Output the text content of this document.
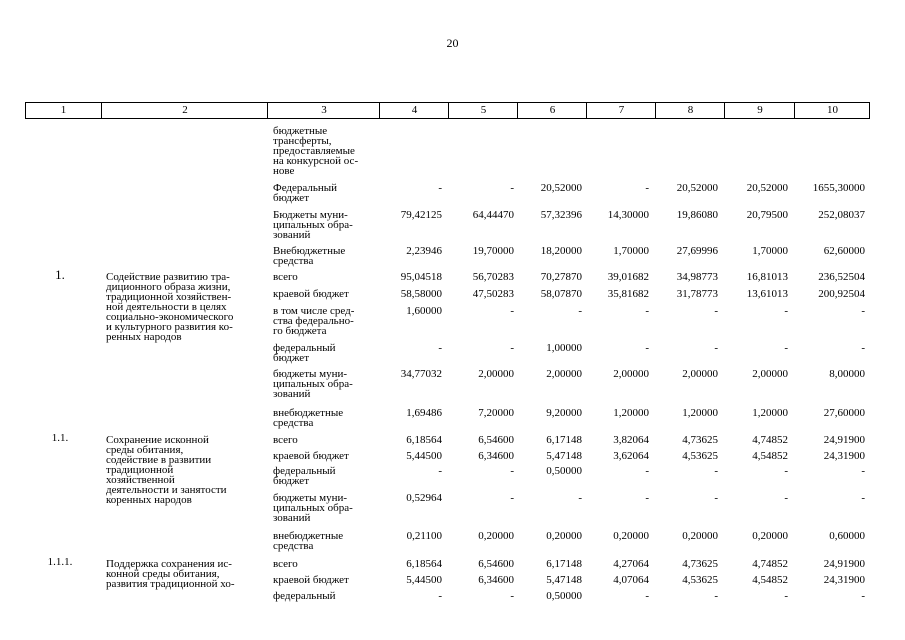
20
1	2	3	4	5	6	7	8	9	10
бюджетные
трансферты,
предоставляемые
на конкурсной ос-
нове
Федеральный
бюджет
-	-	20,52000	-	20,52000	20,52000	1655,30000
Бюджеты муни-
ципальных обра-
зований
79,42125	64,44470	57,32396	14,30000	19,86080	20,79500	252,08037
Внебюджетные
средства
2,23946	19,70000	18,20000	1,70000	27,69996	1,70000	62,60000
1.	Содействие развитию тра-
диционного образа жизни,
традиционной хозяйствен-
ной деятельности в целях
социально-экономического
и культурного развития ко-
ренных народов
всего	95,04518	56,70283	70,27870	39,01682	34,98773	16,81013	236,52504
краевой бюджет	58,58000	47,50283	58,07870	35,81682	31,78773	13,61013	200,92504
в том числе сред-
ства федерально-
го бюджета
1,60000	-	-	-	-	-	-
федеральный
бюджет
-	-	1,00000	-	-	-	-
бюджеты муни-
ципальных обра-
зований
34,77032	2,00000	2,00000	2,00000	2,00000	2,00000	8,00000
внебюджетные
средства
1,69486	7,20000	9,20000	1,20000	1,20000	1,20000	27,60000
1.1.	Сохранение исконной
среды обитания,
содействие в развитии
традиционной
хозяйственной
деятельности и занятости
коренных народов
всего	6,18564	6,54600	6,17148	3,82064	4,73625	4,74852	24,91900
краевой бюджет	5,44500	6,34600	5,47148	3,62064	4,53625	4,54852	24,31900
федеральный
бюджет
-	-	0,50000	-	-	-	-
бюджеты муни-
ципальных обра-
зований
0,52964	-	-	-	-	-	-
внебюджетные
средства
0,21100	0,20000	0,20000	0,20000	0,20000	0,20000	0,60000
1.1.1.	Поддержка сохранения ис-
конной среды обитания,
развития традиционной хо-
всего	6,18564	6,54600	6,17148	4,27064	4,73625	4,74852	24,91900
краевой бюджет	5,44500	6,34600	5,47148	4,07064	4,53625	4,54852	24,31900
федеральный	-	-	0,50000	-	-	-	-
